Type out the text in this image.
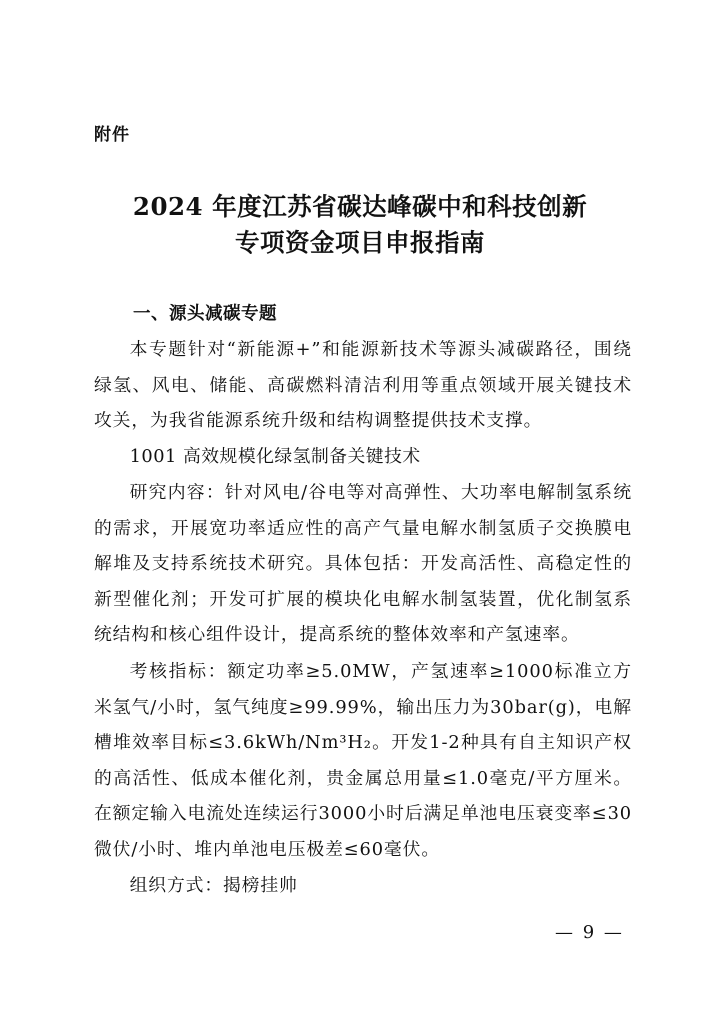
附件
2024 年度江苏省碳达峰碳中和科技创新
专项资金项目申报指南
一、源头减碳专题

本专题针对“新能源+”和能源新技术等源头减碳路径，围绕绿氢、风电、储能、高碳燃料清洁利用等重点领域开展关键技术攻关，为我省能源系统升级和结构调整提供技术支撑。

1001 高效规模化绿氢制备关键技术

研究内容：针对风电/谷电等对高弹性、大功率电解制氢系统的需求，开展宽功率适应性的高产气量电解水制氢质子交换膜电解堆及支持系统技术研究。具体包括：开发高活性、高稳定性的新型催化剂；开发可扩展的模块化电解水制氢装置，优化制氢系统结构和核心组件设计，提高系统的整体效率和产氢速率。

考核指标：额定功率≥5.0MW，产氢速率≥1000标准立方米氢气/小时，氢气纯度≥99.99%，输出压力为30bar(g)，电解槽堆效率目标≤3.6kWh/Nm³H₂。开发1-2种具有自主知识产权的高活性、低成本催化剂，贵金属总用量≤1.0毫克/平方厘米。在额定输入电流处连续运行3000小时后满足单池电压衰变率≤30微伏/小时、堆内单池电压极差≤60毫伏。

组织方式：揭榜挂帅

— 9 —
